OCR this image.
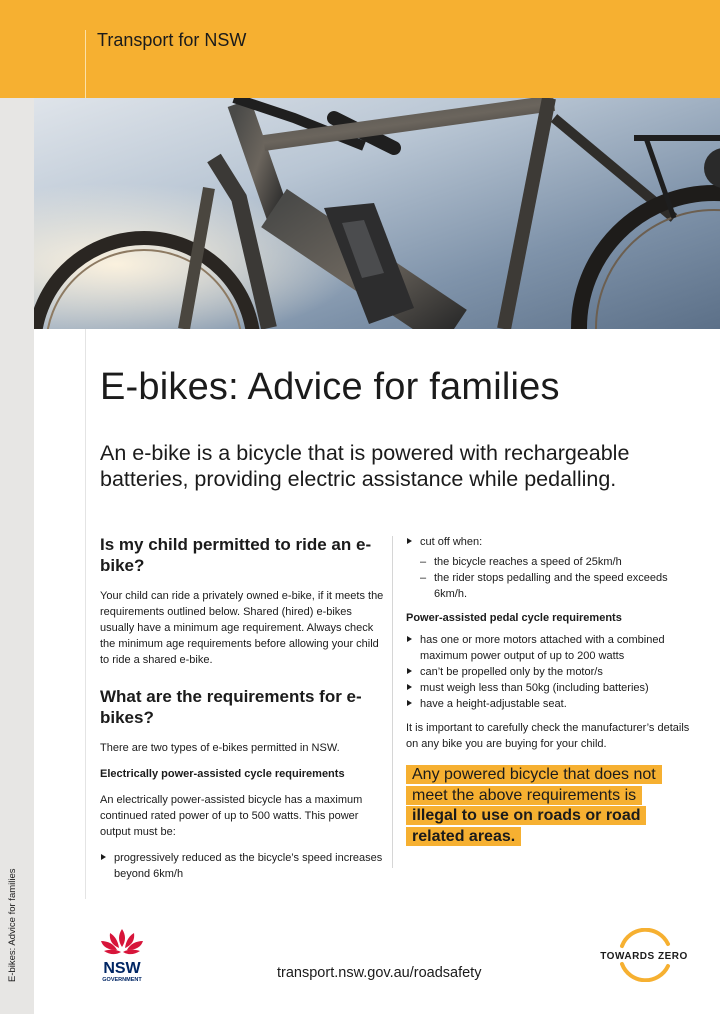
Transport for NSW
E-bikes: Advice for families
E-bikes: Advice for families

An e-bike is a bicycle that is powered with rechargeable batteries, providing electric assistance while pedalling.

Is my child permitted to ride an e-bike?

Your child can ride a privately owned e-bike, if it meets the requirements outlined below. Shared (hired) e-bikes usually have a minimum age requirement. Always check the minimum age requirements before allowing your child to ride a shared e-bike.

What are the requirements for e-bikes?

There are two types of e-bikes permitted in NSW.

Electrically power-assisted cycle requirements

An electrically power-assisted bicycle has a maximum continued rated power of up to 500 watts. This power output must be:

progressively reduced as the bicycle’s speed increases beyond 6km/h
cut off when:
– the bicycle reaches a speed of 25km/h
– the rider stops pedalling and the speed exceeds 6km/h.

Power-assisted pedal cycle requirements

has one or more motors attached with a combined maximum power output of up to 200 watts
can’t be propelled only by the motor/s
must weigh less than 50kg (including batteries)
have a height-adjustable seat.

It is important to carefully check the manufacturer’s details on any bike you are buying for your child.

Any powered bicycle that does not meet the above requirements is illegal to use on roads or road related areas.
NSW
GOVERNMENT	transport.nsw.gov.au/roadsafety
TOWARDS ZERO
